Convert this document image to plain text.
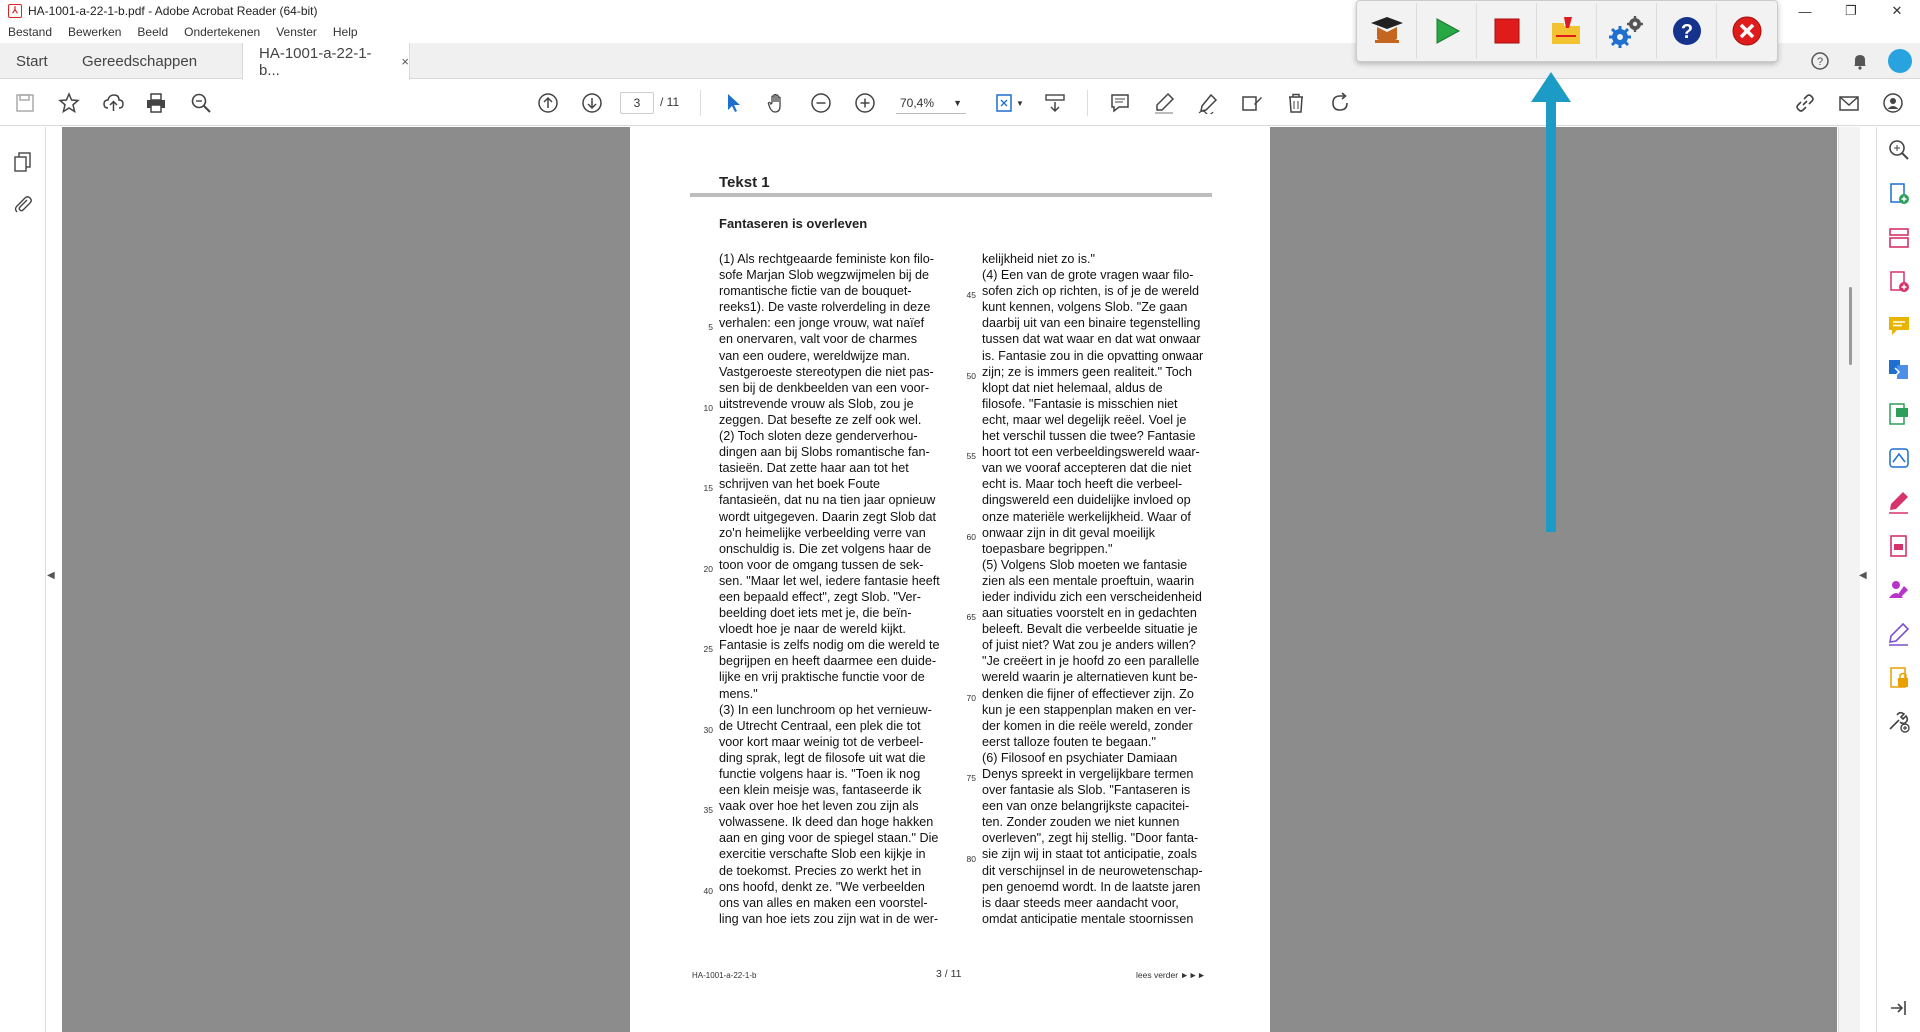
⅄ HA-1001-a-22-1-b.pdf - Adobe Acrobat Reader (64-bit)	—	❐	✕
Bestand	Bewerken	Beeld	Ondertekenen	Venster	Help
Start Gereedschappen	HA-1001-a-22-1-b...	×	?
3
/ 11	70,4% ▼	▼
◀
Tekst 1
Fantaseren is overleven
(1) Als rechtgeaarde feministe kon filo-
sofe Marjan Slob wegzwijmelen bij de
romantische fictie van de bouquet-
reeks1). De vaste rolverdeling in deze
verhalen: een jonge vrouw, wat naïef
en onervaren, valt voor de charmes
van een oudere, wereldwijze man.
Vastgeroeste stereotypen die niet pas-
sen bij de denkbeelden van een voor-
uitstrevende vrouw als Slob, zou je
zeggen. Dat besefte ze zelf ook wel.
(2) Toch sloten deze genderverhou-
dingen aan bij Slobs romantische fan-
tasieën. Dat zette haar aan tot het
schrijven van het boek Foute
fantasieën, dat nu na tien jaar opnieuw
wordt uitgegeven. Daarin zegt Slob dat
zo'n heimelijke verbeelding verre van
onschuldig is. Die zet volgens haar de
toon voor de omgang tussen de sek-
sen. "Maar let wel, iedere fantasie heeft
een bepaald effect", zegt Slob. "Ver-
beelding doet iets met je, die beïn-
vloedt hoe je naar de wereld kijkt.
Fantasie is zelfs nodig om die wereld te
begrijpen en heeft daarmee een duide-
lijke en vrij praktische functie voor de
mens."
(3) In een lunchroom op het vernieuw-
de Utrecht Centraal, een plek die tot
voor kort maar weinig tot de verbeel-
ding sprak, legt de filosofe uit wat die
functie volgens haar is. "Toen ik nog
een klein meisje was, fantaseerde ik
vaak over hoe het leven zou zijn als
volwassene. Ik deed dan hoge hakken
aan en ging voor de spiegel staan." Die
exercitie verschafte Slob een kijkje in
de toekomst. Precies zo werkt het in
ons hoofd, denkt ze. "We verbeelden
ons van alles en maken een voorstel-
ling van hoe iets zou zijn wat in de wer-
5
10
15
20
25
30
35
40
kelijkheid niet zo is."
(4) Een van de grote vragen waar filo-
sofen zich op richten, is of je de wereld
kunt kennen, volgens Slob. "Ze gaan
daarbij uit van een binaire tegenstelling
tussen dat wat waar en dat wat onwaar
is. Fantasie zou in die opvatting onwaar
zijn; ze is immers geen realiteit." Toch
klopt dat niet helemaal, aldus de
filosofe. "Fantasie is misschien niet
echt, maar wel degelijk reëel. Voel je
het verschil tussen die twee? Fantasie
hoort tot een verbeeldingswereld waar-
van we vooraf accepteren dat die niet
echt is. Maar toch heeft die verbeel-
dingswereld een duidelijke invloed op
onze materiële werkelijkheid. Waar of
onwaar zijn in dit geval moeilijk
toepasbare begrippen."
(5) Volgens Slob moeten we fantasie
zien als een mentale proeftuin, waarin
ieder individu zich een verscheidenheid
aan situaties voorstelt en in gedachten
beleeft. Bevalt die verbeelde situatie je
of juist niet? Wat zou je anders willen?
"Je creëert in je hoofd zo een parallelle
wereld waarin je alternatieven kunt be-
denken die fijner of effectiever zijn. Zo
kun je een stappenplan maken en ver-
der komen in die reële wereld, zonder
eerst talloze fouten te begaan."
(6) Filosoof en psychiater Damiaan
Denys spreekt in vergelijkbare termen
over fantasie als Slob. "Fantaseren is
een van onze belangrijkste capacitei-
ten. Zonder zouden we niet kunnen
overleven", zegt hij stellig. "Door fanta-
sie zijn wij in staat tot anticipatie, zoals
dit verschijnsel in de neurowetenschap-
pen genoemd wordt. In de laatste jaren
is daar steeds meer aandacht voor,
omdat anticipatie mentale stoornissen
45
50
55
60
65
70
75
80
HA-1001-a-22-1-b	3 / 11	lees verder ►►►
◀
?
